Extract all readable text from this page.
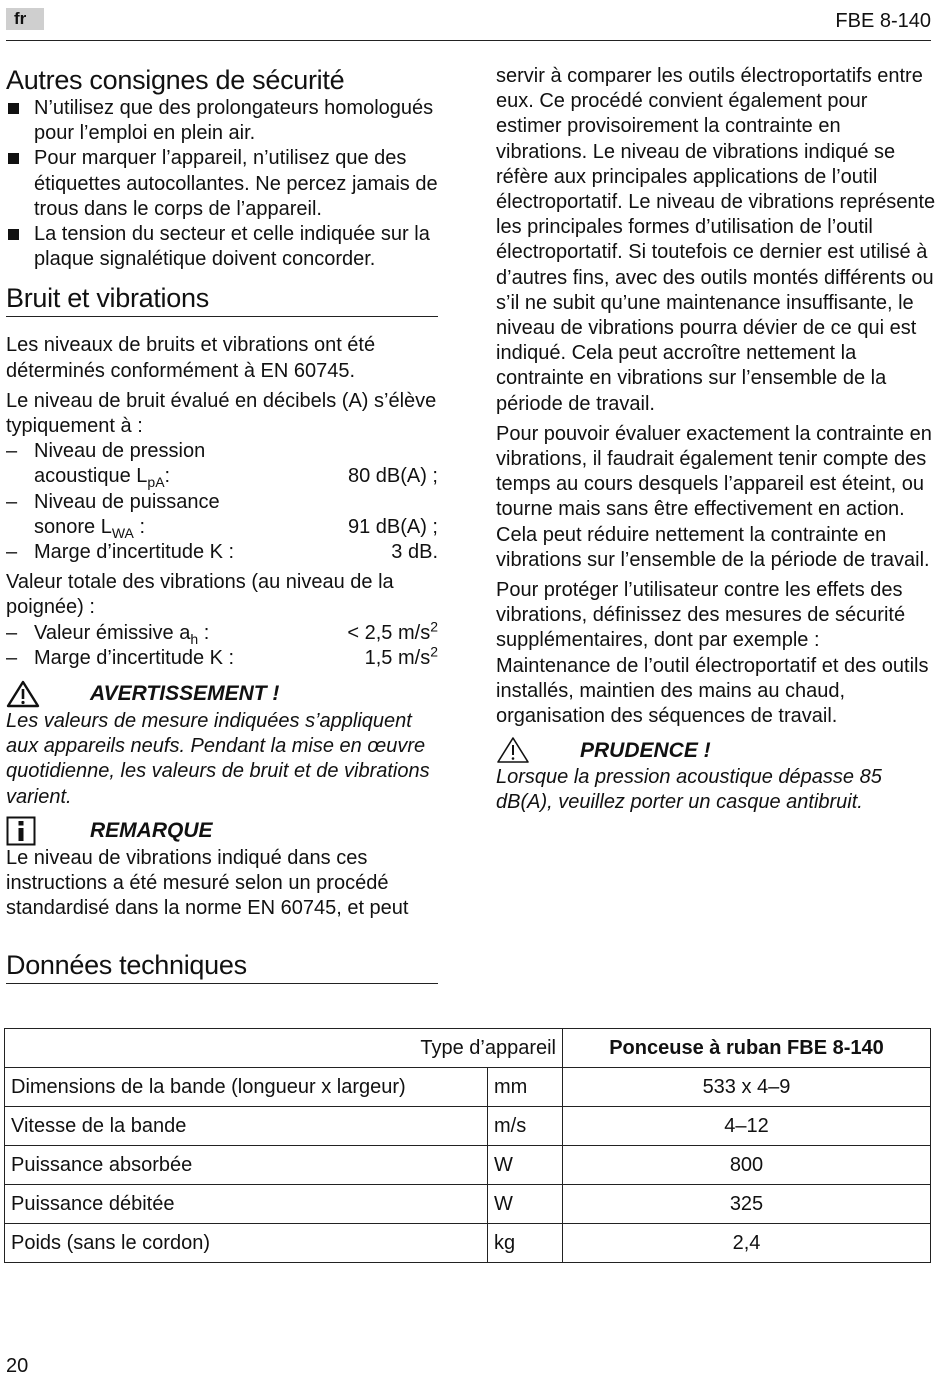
fr	FBE 8-140
Autres consignes de sécurité

N’utilisez que des prolongateurs homologués pour l’emploi en plein air.

Pour marquer l’appareil, n’utilisez que des étiquettes autocollantes. Ne percez jamais de trous dans le corps de l’appareil.

La tension du secteur et celle indiquée sur la plaque signalétique doivent concorder.

Bruit et vibrations

Les niveaux de bruits et vibrations ont été déterminés conformément à EN 60745.

Le niveau de bruit évalué en décibels (A) s’élève typiquement à :

– Niveau de pression
acoustique $L_{pA}$:	80 dB(A) ;
– Niveau de puissance
sonore $L_{WA}$ :	91 dB(A) ;
– Marge d’incertitude K :	3 dB.

Valeur totale des vibrations (au niveau de la poignée) :

– Valeur émissive $a_h$ :	< 2,5 $m/s^2$
– Marge d’incertitude K :	1,5 $m/s^2$
AVERTISSEMENT !

Les valeurs de mesure indiquées s’appliquent aux appareils neufs. Pendant la mise en œuvre quotidienne, les valeurs de bruit et de vibrations varient.

REMARQUE

Le niveau de vibrations indiqué dans ces instructions a été mesuré selon un procédé standardisé dans la norme EN 60745, et peut

servir à comparer les outils électroportatifs entre eux. Ce procédé convient également pour estimer provisoirement la contrainte en vibrations. Le niveau de vibrations indiqué se réfère aux principales applications de l’outil électroportatif. Le niveau de vibrations représente les principales formes d’utilisation de l’outil électroportatif. Si toutefois ce dernier est utilisé à d’autres fins, avec des outils montés différents ou s’il ne subit qu’une maintenance insuffisante, le niveau de vibrations pourra dévier de ce qui est indiqué. Cela peut accroître nettement la contrainte en vibrations sur l’ensemble de la période de travail.

Pour pouvoir évaluer exactement la contrainte en vibrations, il faudrait également tenir compte des temps au cours desquels l’appareil est éteint, ou tourne mais sans être effectivement en action. Cela peut réduire nettement la contrainte en vibrations sur l’ensemble de la période de travail.

Pour protéger l’utilisateur contre les effets des vibrations, définissez des mesures de sécurité supplémentaires, dont par exemple : Maintenance de l’outil électroportatif et des outils installés, maintien des mains au chaud, organisation des séquences de travail.

PRUDENCE !

Lorsque la pression acoustique dépasse 85 dB(A), veuillez porter un casque antibruit.

Données techniques
Type d’appareil		Ponceuse à ruban FBE 8-140
Dimensions de la bande (longueur x largeur)	mm	533 x 4–9
Vitesse de la bande	m/s	4–12
Puissance absorbée	W	800
Puissance débitée	W	325
Poids (sans le cordon)	kg	2,4
20
